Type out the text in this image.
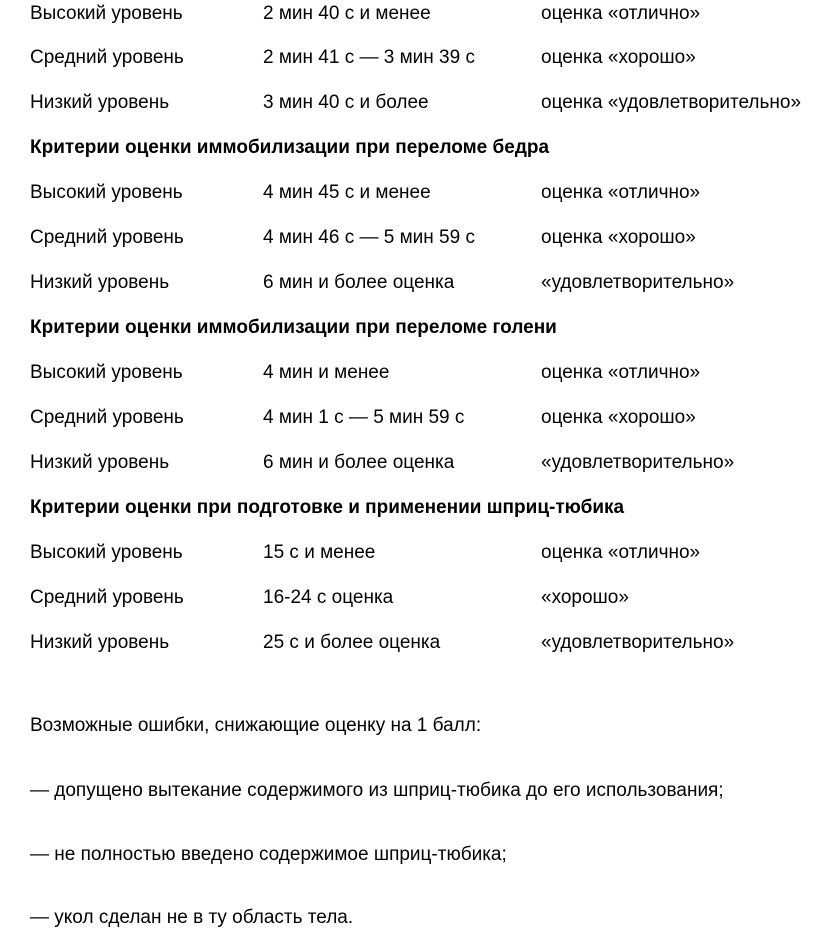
Высокий уровень	2 мин 40 с и менее	оценка «отлично»
Средний уровень	2 мин 41 с — 3 мин 39 с	оценка «хорошо»
Низкий уровень	3 мин 40 с и более	оценка «удовлетворительно»
Критерии оценки иммобилизации при переломе бедра
Высокий уровень	4 мин 45 с и менее	оценка «отлично»
Средний уровень	4 мин 46 с — 5 мин 59 с	оценка «хорошо»
Низкий уровень	6 мин и более оценка	«удовлетворительно»
Критерии оценки иммобилизации при переломе голени
Высокий уровень	4 мин и менее	оценка «отлично»
Средний уровень	4 мин 1 с — 5 мин 59 с	оценка «хорошо»
Низкий уровень	6 мин и более оценка	«удовлетворительно»
Критерии оценки при подготовке и применении шприц-тюбика
Высокий уровень	15 с и менее	оценка «отлично»
Средний уровень	16-24 с оценка	«хорошо»
Низкий уровень	25 с и более оценка	«удовлетворительно»
Возможные ошибки, снижающие оценку на 1 балл:
— допущено вытекание содержимого из шприц-тюбика до его использования;
— не полностью введено содержимое шприц-тюбика;
— укол сделан не в ту область тела.
